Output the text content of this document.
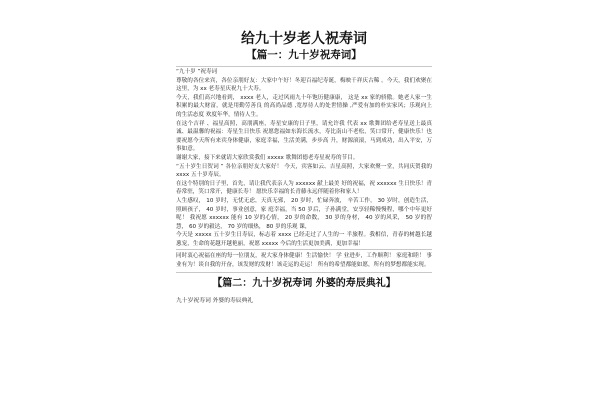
给九十岁老人祝寿词
【篇一：九十岁祝寿词】

“九十岁 ”祝寿词

尊敬的各位来宾，各位亲朋好友：大家中午好！冬迎百福纪寿诞，梅映千祥庆古稀 。今天，我们欢聚在这里，为 xx 老寿星庆祝九十大寿。

今天，我们高兴地看到， xxxx 老人，走过风雨九十年饱历健康康， 这是 xx 家的骄傲。她老人家一生积累的最大财富，就是用勤劳善良 的高尚品德 ,宽厚待人的处世情操 ,严爱有加的朴实家风；乐观向上 的生活态度 欢度年华，情待人生。

在这个吉祥 、福星高照，高朋满座，寿星安康的日子里，请允许我 代表 xx 歌舞团给老寿星送上最真诚、最温馨的祝福：寿星生日快乐 祝愿您福如东海长流水，寿比南山不老松，笑口常开，健康快乐！也要祝愿今天所有来宾身体健康，家庭幸福，生活美满，步步高 升，财源滚滚，马到成功，出入平安，万事如意。

谢谢大家，接下来就请大家欣赏我们 xxxxx 歌舞团德老寿星祝寿的节目。

“五十岁生日贺词 ” 各位亲朋好友大家好！ 今天，宾客如云、吉星高照，大家欢聚一堂，共同庆贺我的 xxxx 五十岁寿辰。

在这个特别的日子里，首先，请让我代表亲人为 xxxxxx 献上最美 好的祝福，祝 xxxxxx 生日快乐！青春常驻，笑口常开，健康长寿！ 愿快乐幸福的长青藤永远伴随着你和家人！

人生感叹， 10 岁时，无忧无虑，天真无邪， 20 岁时，忙碌奔波， 辛苦工作， 30 岁时，创造生活，照顾孩子， 40 岁时，事业创意，家 庭幸福，当 50 岁后，子孙满堂，安享轻稀慢慢程，哪个中年更好呢！ 我祝愿 xxxxxx 能有 10 岁的心情， 20 岁的命数， 30 岁的身材， 40 岁的风采， 50 岁的智慧， 60 岁的毅达， 70 岁的细热， 80 岁的乐观 课，

今天是 xxxxx 五十岁生日寿辰，标志着 xxxx 已经走过了人生的一 半旅程。我相信，青春的树越长越葱宠，生命的花越开越艳丽，祝愿 xxxxx 今后的生活更加美满，更加幸福！

同时衷心祝福在座的每一位朋友，祝大家身体健康！生活愉快！ 学 业进步，工作顺利！ 家庭和睦！ 事业有为！谈自我的开奋，该发财的发财！该走运的走运！ 所有的希望都能如愿，所有的梦想都能实现。

【篇二：九十岁祝寿词 外婆的寿辰典礼】

九十岁祝寿词 外婆的寿辰典礼
